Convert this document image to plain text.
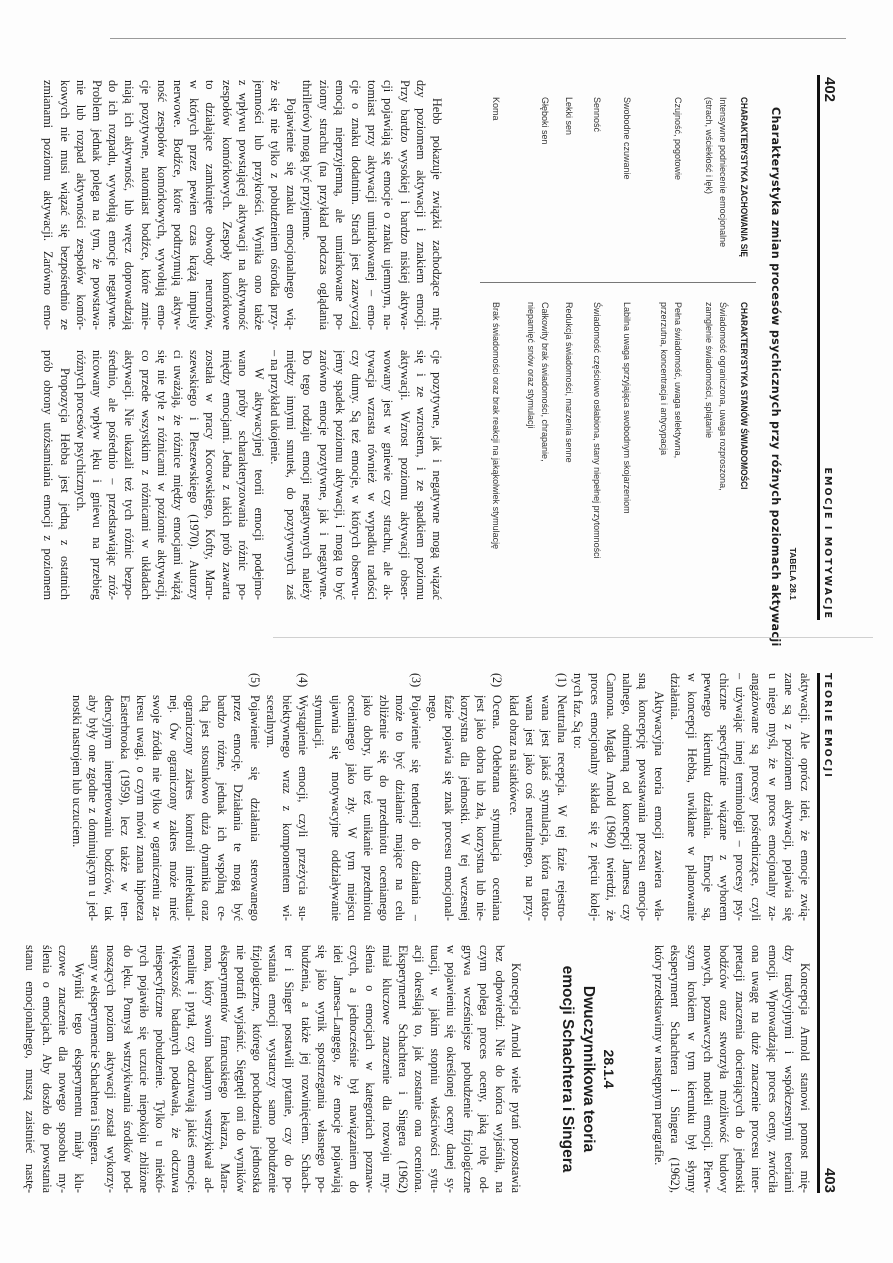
402
EMOCJE I MOTYWACJE
TABELA 28.1
Charakterystyka zmian procesów psychicznych przy różnych poziomach aktywacji
CHARAKTERYSTYKA ZACHOWANIA SIĘ
CHARAKTERYSTYKA STANÓW ŚWIADOMOŚCI
Intensywne podniecenie emocjonalne
(strach, wściekłość i lęk)
Świadomość ograniczona, uwaga rozproszona,
zamglenie świadomości, splątanie
Czujność, pogotowie
Pełna świadomość, uwaga selektywna,
przerzutna, koncentracja i antycypacja
Swobodne czuwanie
Labilna uwaga sprzyjająca swobodnym skojarzeniom
Senność
Świadomość częściowo osłabiona, stany niepełnej przytomności
Lekki sen
Redukcja świadomości, marzenia senne
Głęboki sen
Całkowity brak świadomości, chrapanie,
niepamięć snów oraz stymulacji
Koma
Brak świadomości oraz brak reakcji na jakąkolwiek stymulację
Hebb pokazuje związki zachodzące mię-
dzy poziomem aktywacji i znakiem emocji.
Przy bardzo wysokiej i bardzo niskiej aktywa-
cji pojawiają się emocje o znaku ujemnym, na-
tomiast przy aktywacji umiarkowanej – emo-
cje o znaku dodatnim. Strach jest zazwyczaj
emocją nieprzyjemną, ale umiarkowane po-
ziomy strachu (na przykład podczas oglądania
thrillerów) mogą być przyjemne.
Pojawienie się znaku emocjonalnego wią-
że się nie tylko z pobudzeniem ośrodka przy-
jemności lub przykrości. Wynika ono także
z wpływu powstającej aktywacji na aktywność
zespołów komórkowych. Zespoły komórkowe
to działające zamknięte obwody neuronów,
w których przez pewien czas krążą impulsy
nerwowe. Bodźce, które podtrzymują aktyw-
ność zespołów komórkowych, wywołują emo-
cje pozytywne, natomiast bodźce, które zmie-
niają ich aktywność, lub wręcz doprowadzają
do ich rozpadu, wywołują emocje negatywne.
Problem jednak polega na tym, że powstawa-
nie lub rozpad aktywności zespołów komór-
kowych nie musi wiązać się bezpośrednio ze
zmianami poziomu aktywacji. Zarówno emo-
cje pozytywne, jak i negatywne mogą wiązać
się i ze wzrostem, i ze spadkiem poziomu
aktywacji. Wzrost poziomu aktywacji obser-
wowany jest w gniewie czy strachu, ale ak-
tywacja wzrasta również w wypadku radości
czy dumy. Są też emocje, w których obserwu-
jemy spadek poziomu aktywacji, i mogą to być
zarówno emocje pozytywne, jak i negatywne.
Do tego rodzaju emocji negatywnych należy
między innymi smutek, do pozytywnych zaś
– na przykład ukojenie.
W aktywacyjnej teorii emocji podejmo-
wano próby scharakteryzowania różnic po-
między emocjami. Jedna z takich prób zawarta
została w pracy Kocowskiego, Kofty, Maru-
szewskiego i Pleszewskiego (1970). Autorzy
ci uważają, że różnice między emocjami wiążą
się nie tyle z różnicami w poziomie aktywacji,
co przede wszystkim z różnicami w układach
aktywacji. Nie ukazali też tych różnic bezpo-
średnio, ale pośrednio – przedstawiając zróż-
nicowany wpływ lęku i gniewu na przebieg
różnych procesów psychicznych.
Propozycja Hebba jest jedną z ostatnich
prób obrony utożsamiania emocji z poziomem
TEORIE EMOCJI
403
aktywacji. Ale oprócz idei, że emocje zwią-
zane są z poziomem aktywacji, pojawia się
u niego myśl, że w proces emocjonalny za-
angażowane są procesy pośredniczące, czyli
– używając innej terminologii – procesy psy-
chiczne specyficznie wiązane z wyborem
pewnego kierunku działania. Emocje są,
w koncepcji Hebba, uwikłane w planowanie
działania.
Aktywacyjna teoria emocji zawiera wła-
sną koncepcję powstawania procesu emocjo-
nalnego, odmienną od koncepcji Jamesa czy
Cannona. Magda Arnold (1960) twierdzi, że
proces emocjonalny składa się z pięciu kolej-
nych faz. Są to:
(1)
Neutralna recepcja. W tej fazie rejestro-
wana jest jakaś stymulacja, która trakto-
wana jest jako coś neutralnego, na przy-
kład obraz na siatkówce.
(2)
Ocena. Odebrana stymulacja oceniana
jest jako dobra lub zła, korzystna lub nie-
korzystna dla jednostki. W tej wczesnej
fazie pojawia się znak procesu emocjonal-
nego.
(3)
Pojawienie się tendencji do działania –
może to być działanie mające na celu
zbliżenie się do przedmiotu ocenianego
jako dobry, lub też unikanie przedmiotu
ocenianego jako zły. W tym miejscu
ujawnia się motywacyjne oddziaływanie
stymulacji.
(4)
Wystąpienie emocji, czyli przeżycia su-
biektywnego wraz z komponentem wi-
sceralnym.
(5)
Pojawienie się działania sterowanego
przez emocję. Działania te mogą być
bardzo różne, jednak ich wspólną ce-
chą jest stosunkowo duża dynamika oraz
ograniczony zakres kontroli intelektual-
nej. Ów ograniczony zakres może mieć
swoje źródła nie tylko w ograniczeniu za-
kresu uwagi, o czym mówi znana hipoteza
Easterbrooka (1959), lecz także w ten-
dencyjnym interpretowaniu bodźców, tak
aby były one zgodne z dominującym u jed-
nostki nastrojem lub uczuciem.
Koncepcja Arnold stanowi pomost mię-
dzy tradycyjnymi i współczesnymi teoriami
emocji. Wprowadzając proces oceny, zwróciła
ona uwagę na duże znaczenie procesu inter-
pretacji znaczenia docierających do jednostki
bodźców oraz stworzyła możliwość budowy
nowych, poznawczych modeli emocji. Pierw-
szym krokiem w tym kierunku był słynny
eksperyment Schachtera i Singera (1962),
który przedstawimy w następnym paragrafie.
28.1.4
Dwuczynnikowa teoria
emocji Schachtera i Singera
Koncepcja Arnold wiele pytań pozostawia
bez odpowiedzi. Nie do końca wyjaśniła, na
czym polega proces oceny, jaką rolę od-
grywa wcześniejsze pobudzenie fizjologiczne
w pojawieniu się określonej oceny danej sy-
tuacji, w jakim stopniu właściwości sytu-
acji określają to, jak zostanie ona oceniona.
Eksperyment Schachtera i Singera (1962)
miał kluczowe znaczenie dla rozwoju my-
ślenia o emocjach w kategoriach poznaw-
czych, a jednocześnie był nawiązaniem do
idei Jamesa–Langego, że emocje pojawiają
się jako wynik spostrzegania własnego po-
budzenia, a także jej rozwinięciem. Schach-
ter i Singer postawili pytanie, czy do po-
wstania emocji wystarczy samo pobudzenie
fizjologiczne, którego pochodzenia jednostka
nie potrafi wyjaśnić. Sięgnęli oni do wyników
eksperymentów francuskiego lekarza, Mara-
nona, który swoim badanym wstrzykiwał ad-
renalinę i pytał, czy odczuwają jakieś emocje.
Większość badanych podawała, że odczuwa
niespecyficzne pobudzenie. Tylko u niektó-
rych pojawiło się uczucie niepokoju zbliżone
do lęku. Pomysł wstrzykiwania środków pod-
noszących poziom aktywacji został wykorzy-
stany w eksperymencie Schachtera i Singera.
Wyniki tego eksperymentu miały klu-
czowe znaczenie dla nowego sposobu my-
ślenia o emocjach. Aby doszło do powstania
stanu emocjonalnego, muszą zaistnieć nastę-
